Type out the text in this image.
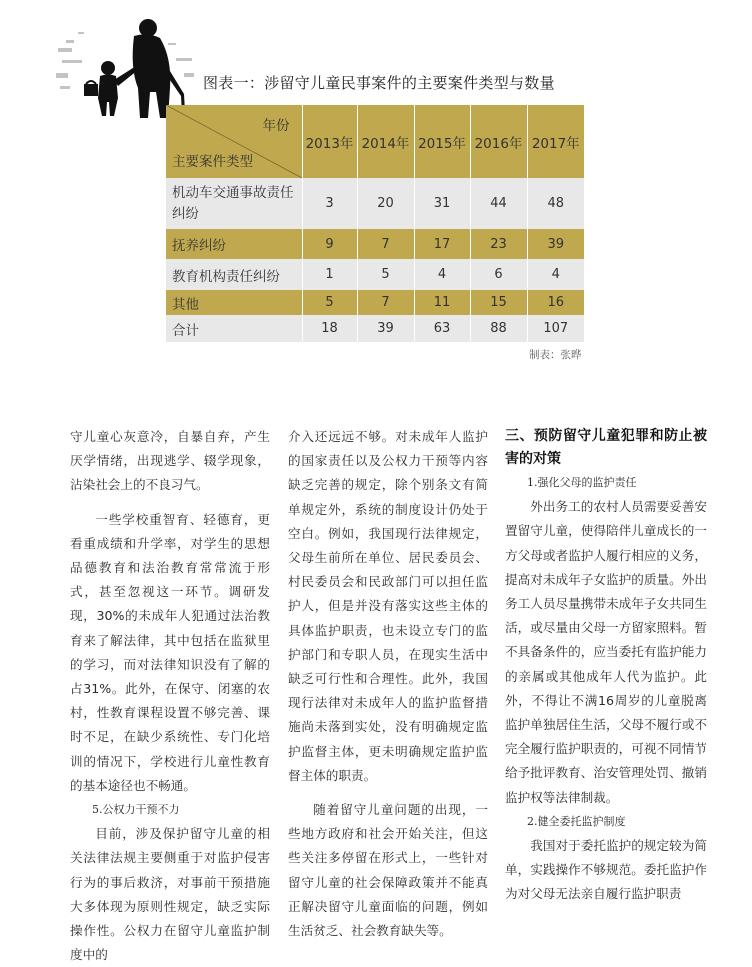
图表一：涉留守儿童民事案件的主要案件类型与数量
年份
主要案件类型	2013年	2014年	2015年	2016年	2017年
机动车交通事故责任纠纷	3	20	31	44	48
抚养纠纷	9	7	17	23	39
教育机构责任纠纷	1	5	4	6	4
其他	5	7	11	15	16
合计	18	39	63	88	107
制表：张晔

守儿童心灰意冷，自暴自弃，产生厌学情绪，出现逃学、辍学现象，沾染社会上的不良习气。

一些学校重智育、轻德育，更看重成绩和升学率，对学生的思想品德教育和法治教育常常流于形式，甚至忽视这一环节。调研发现，30%的未成年人犯通过法治教育来了解法律，其中包括在监狱里的学习，而对法律知识没有了解的占31%。此外，在保守、闭塞的农村，性教育课程设置不够完善、课时不足，在缺少系统性、专门化培训的情况下，学校进行儿童性教育的基本途径也不畅通。

5.公权力干预不力

目前，涉及保护留守儿童的相关法律法规主要侧重于对监护侵害行为的事后救济，对事前干预措施大多体现为原则性规定，缺乏实际操作性。公权力在留守儿童监护制度中的

介入还远远不够。对未成年人监护的国家责任以及公权力干预等内容缺乏完善的规定，除个别条文有简单规定外，系统的制度设计仍处于空白。例如，我国现行法律规定，父母生前所在单位、居民委员会、村民委员会和民政部门可以担任监护人，但是并没有落实这些主体的具体监护职责，也未设立专门的监护部门和专职人员，在现实生活中缺乏可行性和合理性。此外，我国现行法律对未成年人的监护监督措施尚未落到实处，没有明确规定监护监督主体，更未明确规定监护监督主体的职责。

随着留守儿童问题的出现，一些地方政府和社会开始关注，但这些关注多停留在形式上，一些针对留守儿童的社会保障政策并不能真正解决留守儿童面临的问题，例如生活贫乏、社会教育缺失等。

三、预防留守儿童犯罪和防止被害的对策

1.强化父母的监护责任

外出务工的农村人员需要妥善安置留守儿童，使得陪伴儿童成长的一方父母或者监护人履行相应的义务，提高对未成年子女监护的质量。外出务工人员尽量携带未成年子女共同生活，或尽量由父母一方留家照料。暂不具备条件的，应当委托有监护能力的亲属或其他成年人代为监护。此外，不得让不满16周岁的儿童脱离监护单独居住生活，父母不履行或不完全履行监护职责的，可视不同情节给予批评教育、治安管理处罚、撤销监护权等法律制裁。

2.健全委托监护制度

我国对于委托监护的规定较为简单，实践操作不够规范。委托监护作为对父母无法亲自履行监护职责
